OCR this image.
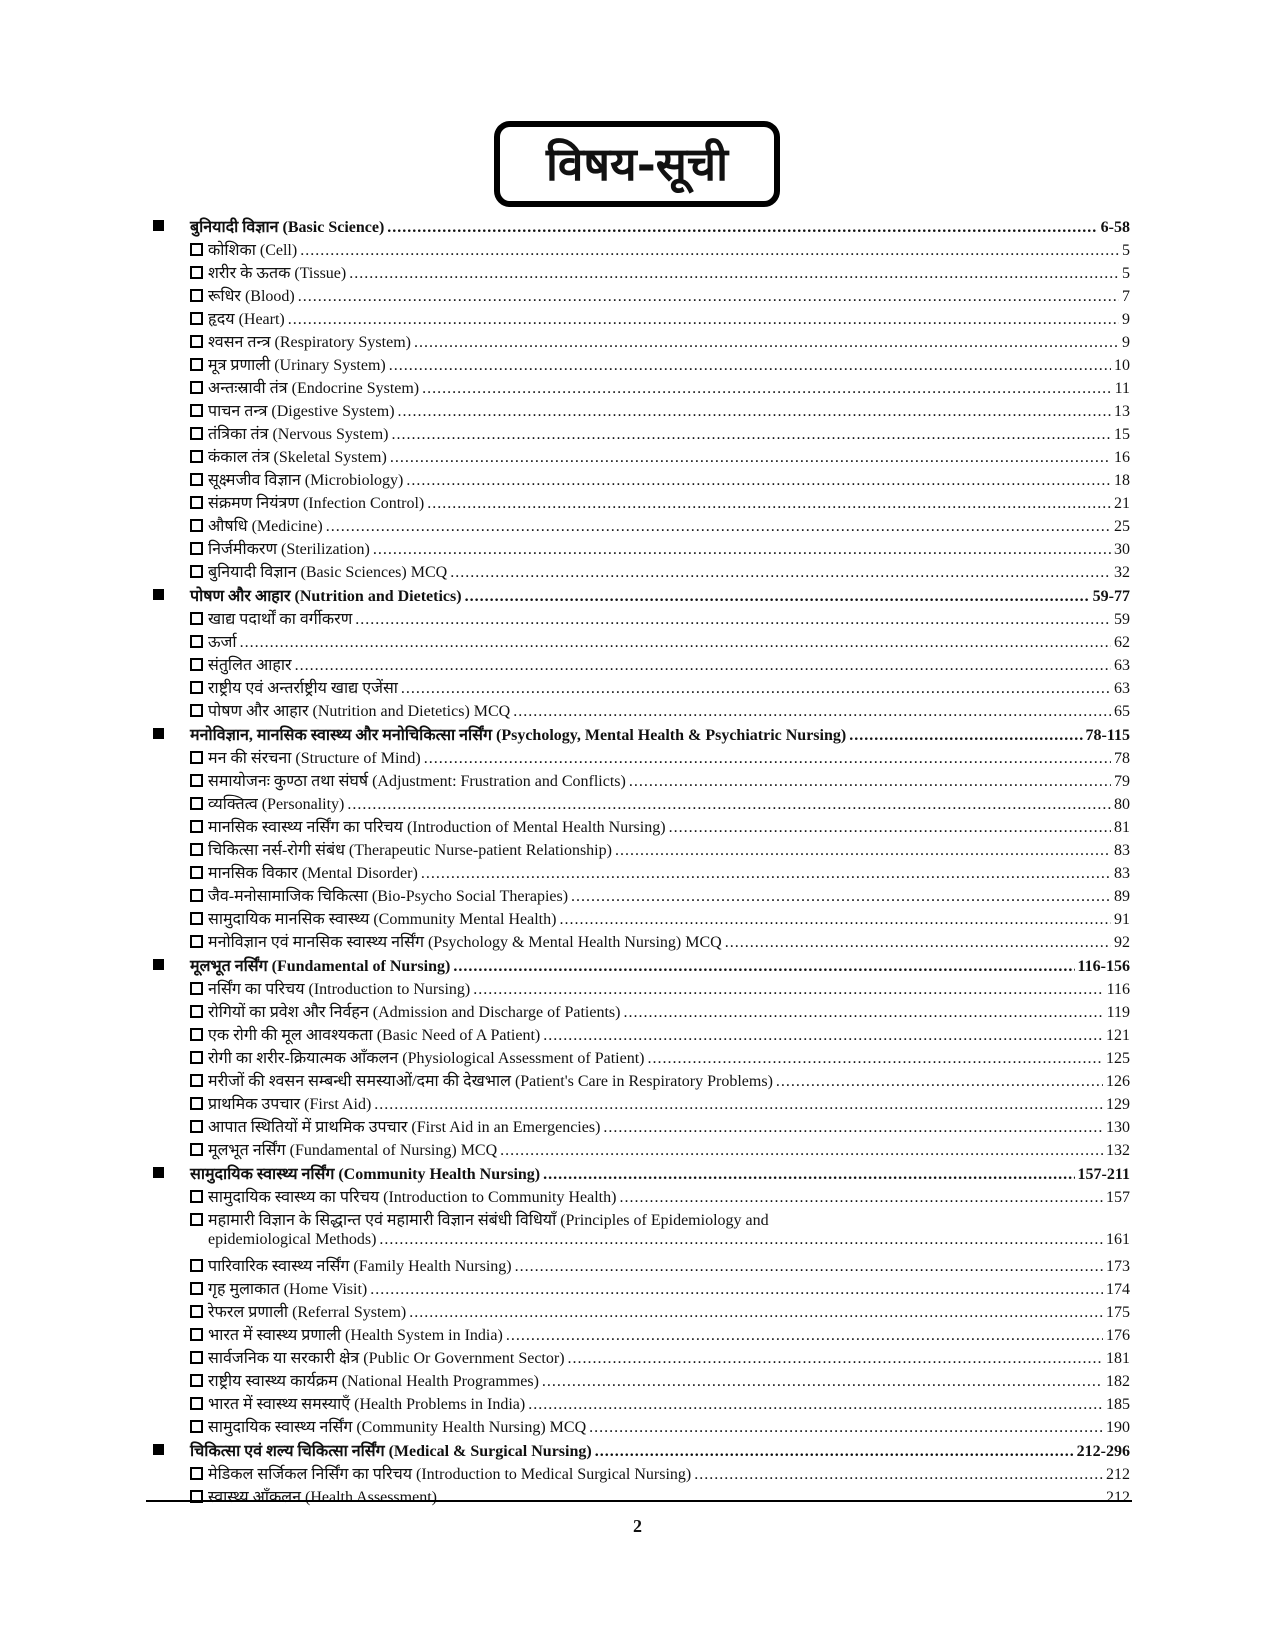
विषय-सूची
बुनियादी विज्ञान (Basic Science) .....	6-58
कोशिका (Cell) .....	5
शरीर के ऊतक (Tissue) .....	5
रूधिर (Blood) .....	7
हृदय (Heart) .....	9
श्वसन तन्त्र (Respiratory System) .....	9
मूत्र प्रणाली (Urinary System) .....	10
अन्तःस्रावी तंत्र (Endocrine System) .....	11
पाचन तन्त्र (Digestive System) .....	13
तंत्रिका तंत्र (Nervous System) .....	15
कंकाल तंत्र (Skeletal System) .....	16
सूक्ष्मजीव विज्ञान (Microbiology) .....	18
संक्रमण नियंत्रण (Infection Control) .....	21
औषधि (Medicine) .....	25
निर्जमीकरण (Sterilization) .....	30
बुनियादी विज्ञान (Basic Sciences) MCQ .....	32
पोषण और आहार (Nutrition and Dietetics) .....	59-77
खाद्य पदार्थों का वर्गीकरण .....	59
ऊर्जा .....	62
संतुलित आहार .....	63
राष्ट्रीय एवं अन्तर्राष्ट्रीय खाद्य एजेंसा .....	63
पोषण और आहार (Nutrition and Dietetics) MCQ .....	65
मनोविज्ञान, मानसिक स्वास्थ्य और मनोचिकित्सा नर्सिंग (Psychology, Mental Health & Psychiatric Nursing) .....	78-115
मन की संरचना (Structure of Mind) .....	78
समायोजनः कुण्ठा तथा संघर्ष (Adjustment: Frustration and Conflicts) .....	79
व्यक्तित्व (Personality) .....	80
मानसिक स्वास्थ्य नर्सिंग का परिचय (Introduction of Mental Health Nursing) .....	81
चिकित्सा नर्स-रोगी संबंध (Therapeutic Nurse-patient Relationship) .....	83
मानसिक विकार (Mental Disorder) .....	83
जैव-मनोसामाजिक चिकित्सा (Bio-Psycho Social Therapies) .....	89
सामुदायिक मानसिक स्वास्थ्य (Community Mental Health) .....	91
मनोविज्ञान एवं मानसिक स्वास्थ्य नर्सिंग (Psychology & Mental Health Nursing) MCQ .....	92
मूलभूत नर्सिंग (Fundamental of Nursing) .....	116-156
नर्सिंग का परिचय (Introduction to Nursing) .....	116
रोगियों का प्रवेश और निर्वहन (Admission and Discharge of Patients) .....	119
एक रोगी की मूल आवश्यकता (Basic Need of A Patient) .....	121
रोगी का शरीर-क्रियात्मक आँकलन (Physiological Assessment of Patient) .....	125
मरीजों की श्वसन सम्बन्धी समस्याओं/दमा की देखभाल (Patient's Care in Respiratory Problems) .....	126
प्राथमिक उपचार (First Aid) .....	129
आपात स्थितियों में प्राथमिक उपचार (First Aid in an Emergencies) .....	130
मूलभूत नर्सिंग (Fundamental of Nursing) MCQ .....	132
सामुदायिक स्वास्थ्य नर्सिंग (Community Health Nursing) .....	157-211
सामुदायिक स्वास्थ्य का परिचय (Introduction to Community Health) .....	157
महामारी विज्ञान के सिद्धान्त एवं महामारी विज्ञान संबंधी विधियाँ (Principles of Epidemiology and
epidemiological Methods) .....	161
पारिवारिक स्वास्थ्य नर्सिंग (Family Health Nursing) .....	173
गृह मुलाकात (Home Visit) .....	174
रेफरल प्रणाली (Referral System) .....	175
भारत में स्वास्थ्य प्रणाली (Health System in India) .....	176
सार्वजनिक या सरकारी क्षेत्र (Public Or Government Sector) .....	181
राष्ट्रीय स्वास्थ्य कार्यक्रम (National Health Programmes) .....	182
भारत में स्वास्थ्य समस्याएँ (Health Problems in India) .....	185
सामुदायिक स्वास्थ्य नर्सिंग (Community Health Nursing) MCQ .....	190
चिकित्सा एवं शल्य चिकित्सा नर्सिंग (Medical & Surgical Nursing) .....	212-296
मेडिकल सर्जिकल निर्सिंग का परिचय (Introduction to Medical Surgical Nursing) .....	212
स्वास्थ्य आँकलन (Health Assessment) .....	212
2
